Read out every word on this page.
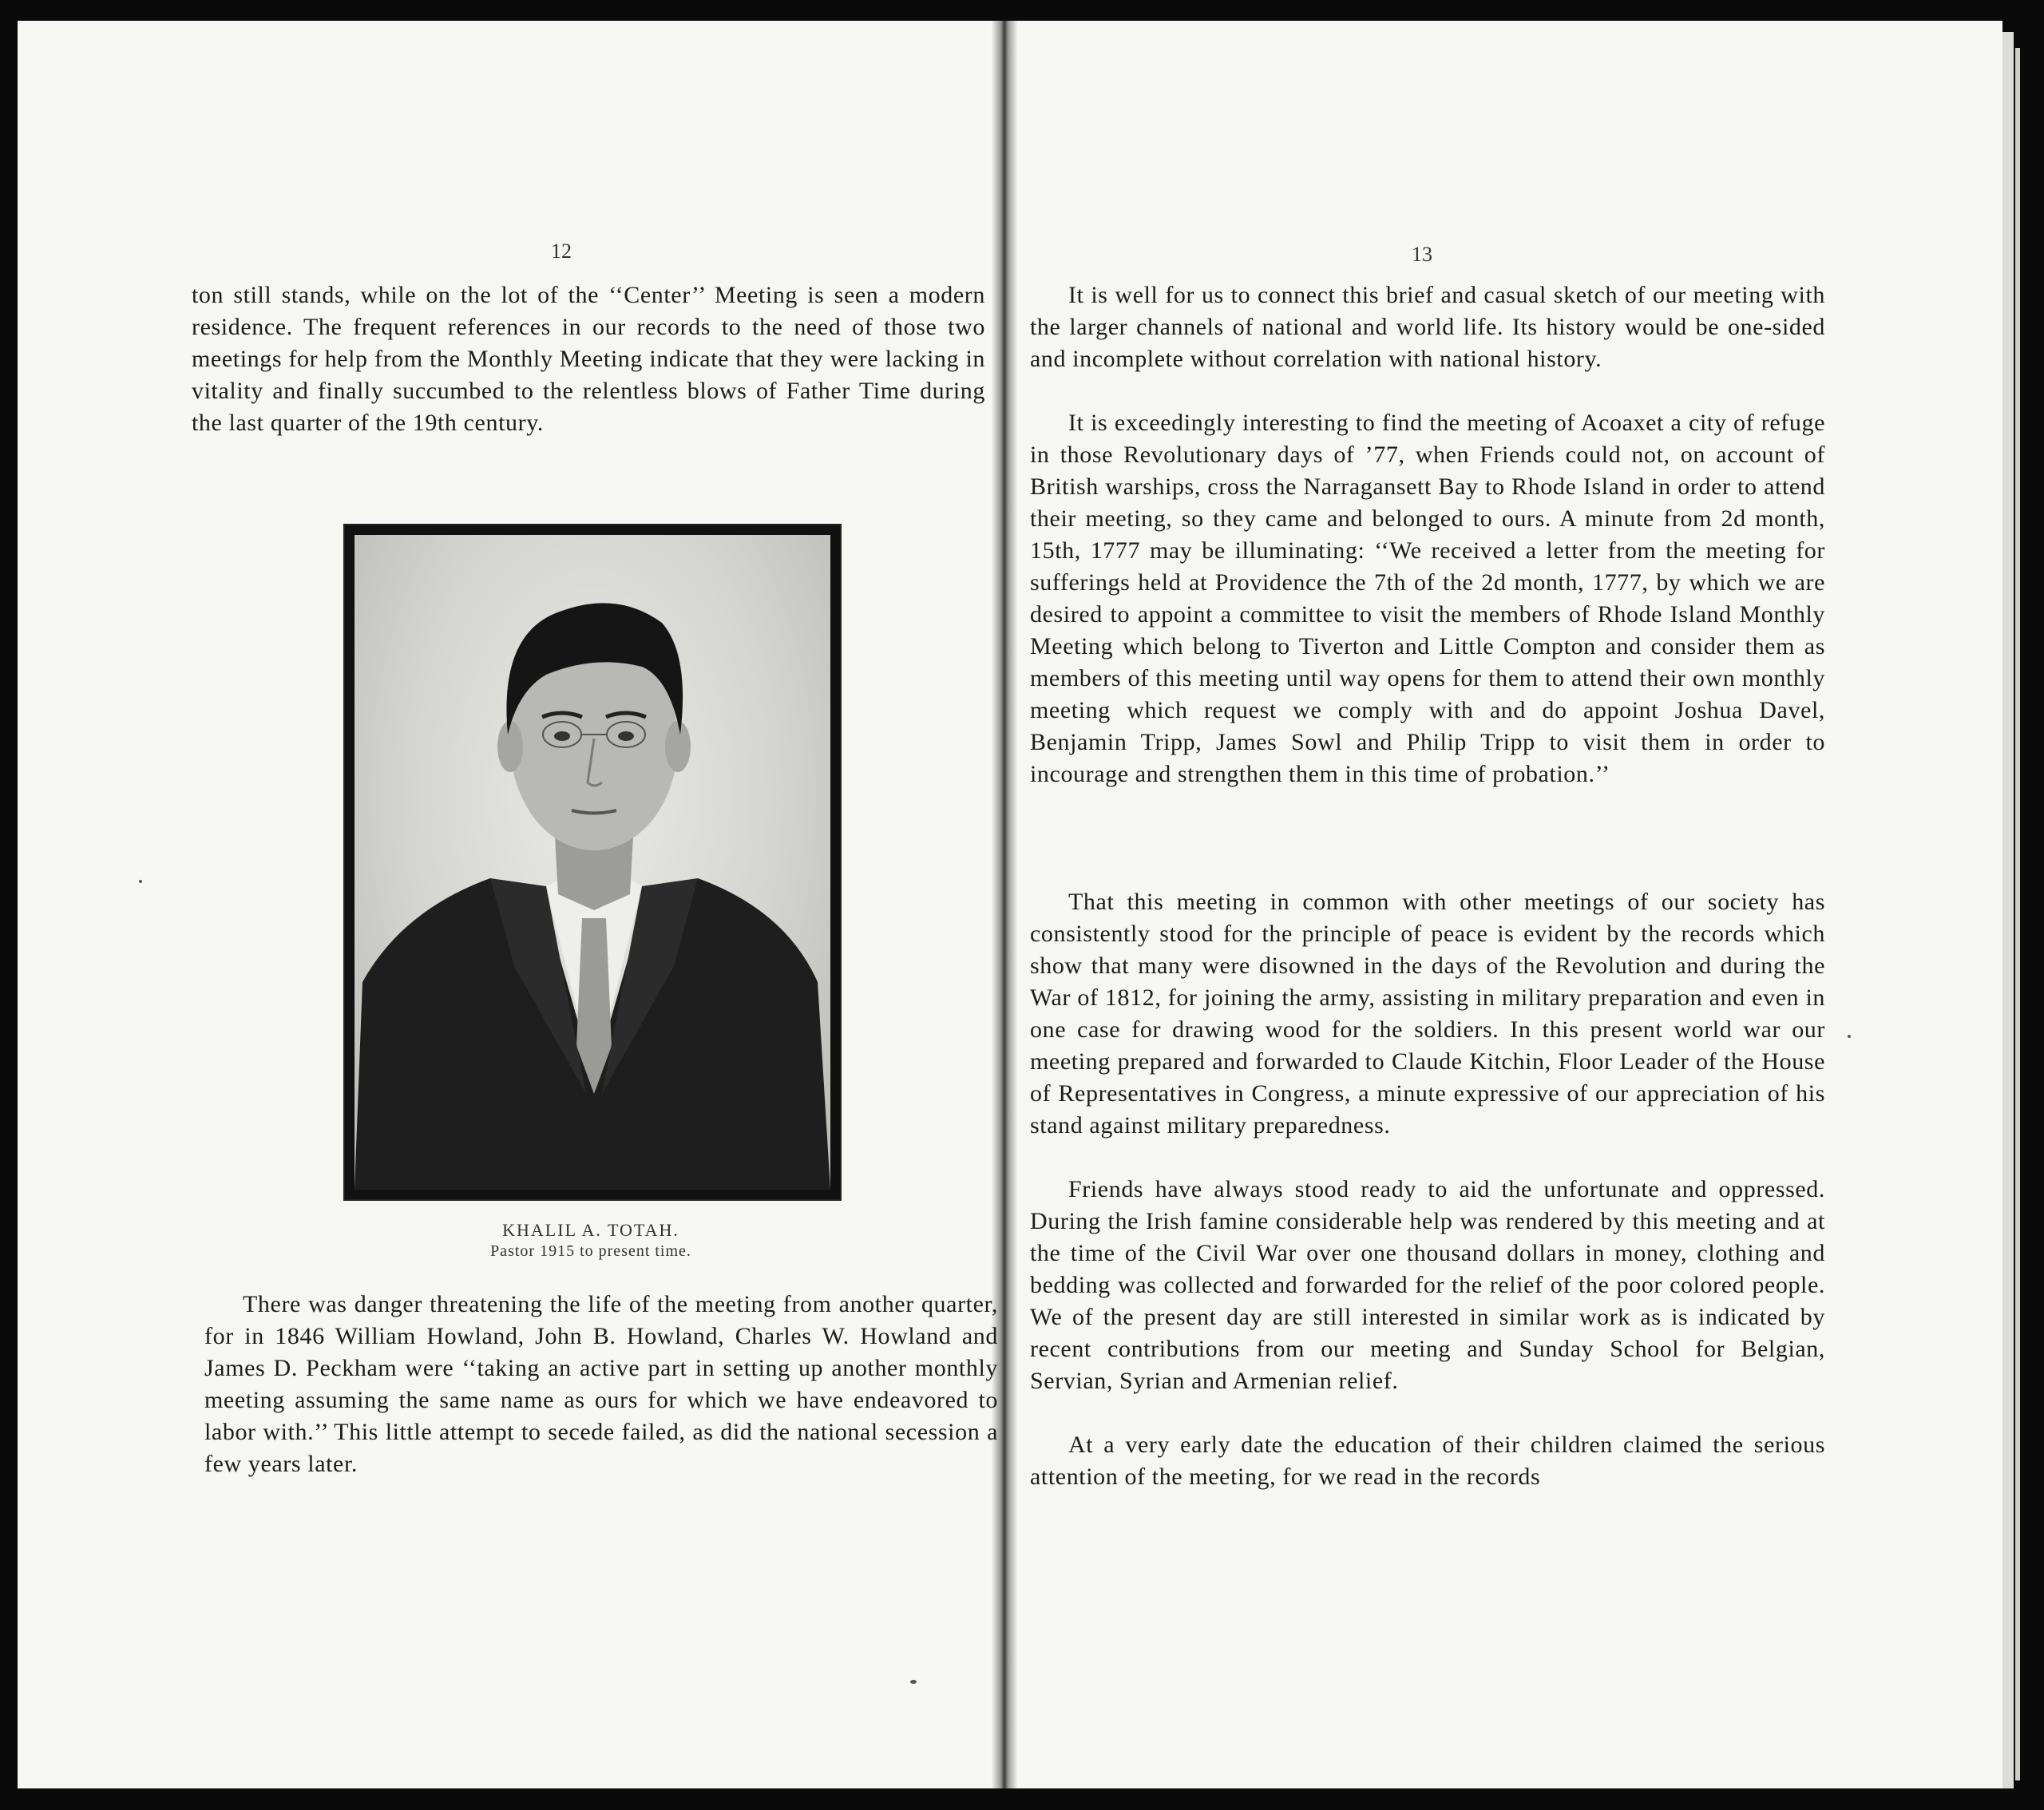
12

ton still stands, while on the lot of the ‘‘Center’’ Meeting is seen a modern residence. The frequent references in our records to the need of those two meetings for help from the Monthly Meeting indicate that they were lacking in vitality and finally succumbed to the relentless blows of Father Time during the last quarter of the 19th century.

KHALIL A. TOTAH.

Pastor 1915 to present time.

There was danger threatening the life of the meeting from another quarter, for in 1846 William Howland, John B. Howland, Charles W. Howland and James D. Peckham were ‘‘taking an active part in setting up another monthly meeting assuming the same name as ours for which we have endeavored to labor with.’’ This little attempt to secede failed, as did the national secession a few years later.

13

It is well for us to connect this brief and casual sketch of our meeting with the larger channels of national and world life. Its history would be one-sided and incomplete without correlation with national history.

It is exceedingly interesting to find the meeting of Acoaxet a city of refuge in those Revolutionary days of ’77, when Friends could not, on account of British warships, cross the Narragansett Bay to Rhode Island in order to attend their meeting, so they came and belonged to ours. A minute from 2d month, 15th, 1777 may be illuminating: ‘‘We received a letter from the meeting for sufferings held at Providence the 7th of the 2d month, 1777, by which we are desired to appoint a committee to visit the members of Rhode Island Monthly Meeting which belong to Tiverton and Little Compton and consider them as members of this meeting until way opens for them to attend their own monthly meeting which request we comply with and do appoint Joshua Davel, Benjamin Tripp, James Sowl and Philip Tripp to visit them in order to incourage and strengthen them in this time of probation.’’

That this meeting in common with other meetings of our society has consistently stood for the principle of peace is evident by the records which show that many were disowned in the days of the Revolution and during the War of 1812, for joining the army, assisting in military preparation and even in one case for drawing wood for the soldiers. In this present world war our meeting prepared and forwarded to Claude Kitchin, Floor Leader of the House of Representatives in Congress, a minute expressive of our appreciation of his stand against military preparedness.

Friends have always stood ready to aid the unfortunate and oppressed. During the Irish famine considerable help was rendered by this meeting and at the time of the Civil War over one thousand dollars in money, clothing and bedding was collected and forwarded for the relief of the poor colored people. We of the present day are still interested in similar work as is indicated by recent contributions from our meeting and Sunday School for Belgian, Servian, Syrian and Armenian relief.

At a very early date the education of their children claimed the serious attention of the meeting, for we read in the records
